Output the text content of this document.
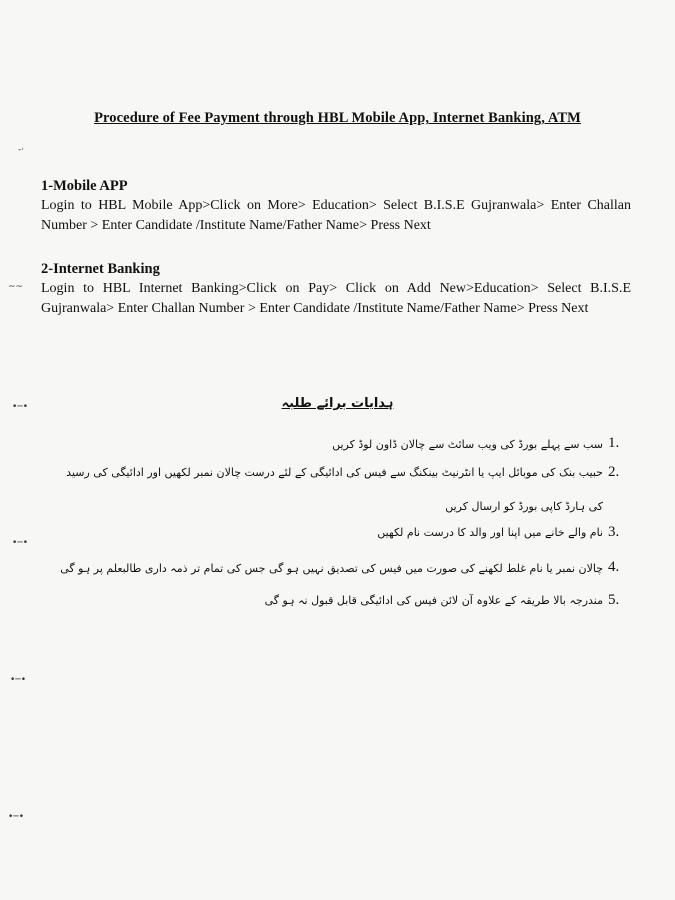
Procedure of Fee Payment through HBL Mobile App, Internet Banking, ATM
1-Mobile APP

Login to HBL Mobile App>Click on More> Education> Select B.I.S.E Gujranwala> Enter Challan Number > Enter Candidate /Institute Name/Father Name> Press Next

2-Internet Banking

Login to HBL Internet Banking>Click on Pay> Click on Add New>Education> Select B.I.S.E Gujranwala> Enter Challan Number > Enter Candidate /Institute Name/Father Name> Press Next

ہدایات برائے طلبہ
1.
سب سے پہلے بورڈ کی ویب سائٹ سے چالان ڈاون لوڈ کریں
2.
حبیب بنک کی موبائل ایپ یا انٹرنیٹ بینکنگ سے فیس کی ادائیگی کے لئے درست چالان نمبر لکھیں اور ادائیگی کی رسید کی ہارڈ کاپی بورڈ کو ارسال کریں
3.
نام والے خانے میں اپنا اور والد کا درست نام لکھیں
4.
چالان نمبر یا نام غلط لکھنے کی صورت میں فیس کی تصدیق نہیں ہو گی جس کی تمام تر ذمہ داری طالبعلم پر ہو گی
5.
مندرجہ بالا طریقہ کے علاوہ آن لائن فیس کی ادائیگی قابل قبول نہ ہو گی
-·
~~
•─•
•─•
•─•
•─•
